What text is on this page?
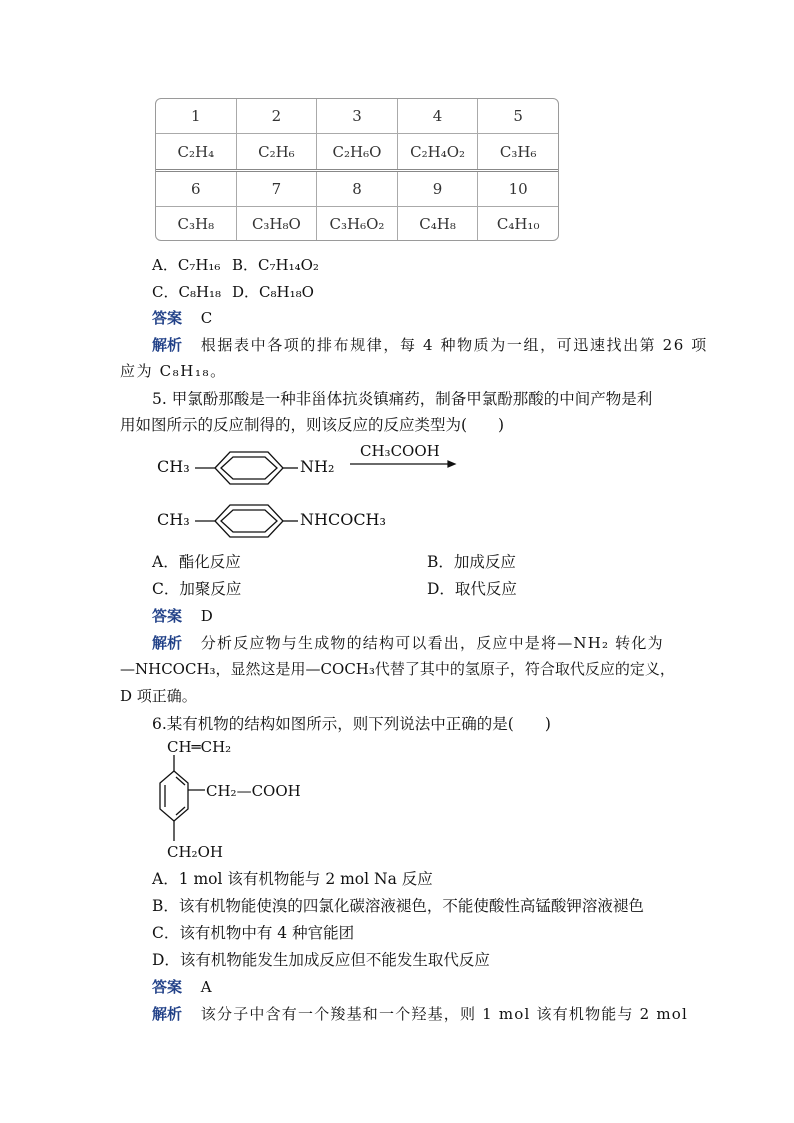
1	2	3	4	5
C₂H₄	C₂H₆	C₂H₆O	C₂H₄O₂	C₃H₆
6	7	8	9	10
C₃H₈	C₃H₈O	C₃H₆O₂	C₄H₈	C₄H₁₀
A．C₇H₁₆ B．C₇H₁₄O₂
C．C₈H₁₈ D．C₈H₁₈O
答案 C
解析 根据表中各项的排布规律，每 4 种物质为一组，可迅速找出第 26 项
应为 C₈H₁₈。
5. 甲氯酚那酸是一种非甾体抗炎镇痛药，制备甲氯酚那酸的中间产物是利
用如图所示的反应制得的，则该反应的反应类型为(　　)
CH₃	NH₂
CH₃COOH
CH₃	NHCOCH₃
A．酯化反应	B．加成反应
C．加聚反应	D．取代反应
答案 D
解析 分析反应物与生成物的结构可以看出，反应中是将—NH₂ 转化为
—NHCOCH₃，显然这是用—COCH₃代替了其中的氢原子，符合取代反应的定义，
D 项正确。
6.某有机物的结构如图所示，则下列说法中正确的是(　　)
CH═CH₂
CH₂—COOH
CH₂OH
A．1 mol 该有机物能与 2 mol Na 反应
B．该有机物能使溴的四氯化碳溶液褪色，不能使酸性高锰酸钾溶液褪色
C．该有机物中有 4 种官能团
D．该有机物能发生加成反应但不能发生取代反应
答案 A
解析 该分子中含有一个羧基和一个羟基，则 1 mol 该有机物能与 2 mol
